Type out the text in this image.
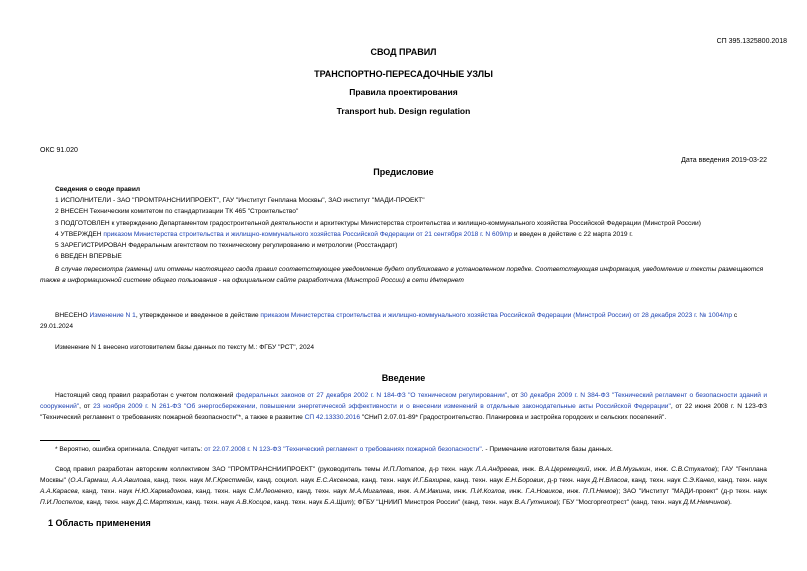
СП 395.1325800.2018
СВОД ПРАВИЛ
ТРАНСПОРТНО-ПЕРЕСАДОЧНЫЕ УЗЛЫ
Правила проектирования
Transport hub. Design regulation
ОКС 91.020
Дата введения 2019-03-22
Предисловие
Сведения о своде правил
1 ИСПОЛНИТЕЛИ - ЗАО "ПРОМТРАНСНИИПРОЕКТ", ГАУ "Институт Генплана Москвы", ЗАО институт "МАДИ-ПРОЕКТ"
2 ВНЕСЕН Техническим комитетом по стандартизации ТК 465 "Строительство"
3 ПОДГОТОВЛЕН к утверждению Департаментом градостроительной деятельности и архитектуры Министерства строительства и жилищно-коммунального хозяйства Российской Федерации (Минстрой России)
4 УТВЕРЖДЕН приказом Министерства строительства и жилищно-коммунального хозяйства Российской Федерации от 21 сентября 2018 г. N 609/пр и введен в действие с 22 марта 2019 г.
5 ЗАРЕГИСТРИРОВАН Федеральным агентством по техническому регулированию и метрологии (Росстандарт)
6 ВВЕДЕН ВПЕРВЫЕ
В случае пересмотра (замены) или отмены настоящего свода правил соответствующее уведомление будет опубликовано в установленном порядке. Соответствующая информация, уведомление и тексты размещаются также в информационной системе общего пользования - на официальном сайте разработчика (Минстрой России) в сети Интернет
ВНЕСЕНО Изменение N 1, утвержденное и введенное в действие приказом Министерства строительства и жилищно-коммунального хозяйства Российской Федерации (Минстрой России) от 28 декабря 2023 г. № 1004/пр с 29.01.2024
Изменение N 1 внесено изготовителем базы данных по тексту М.: ФГБУ "РСТ", 2024
Введение
Настоящий свод правил разработан с учетом положений федеральных законов от 27 декабря 2002 г. N 184-ФЗ "О техническом регулировании", от 30 декабря 2009 г. N 384-ФЗ "Технический регламент о безопасности зданий и сооружений", от 23 ноября 2009 г. N 261-ФЗ "Об энергосбережении, повышении энергетической эффективности и о внесении изменений в отдельные законодательные акты Российской Федерации", от 22 июня 2008 г. N 123-ФЗ "Технический регламент о требованиях пожарной безопасности"*, а также в развитие СП 42.13330.2016 "СНиП 2.07.01-89* Градостроительство. Планировка и застройка городских и сельских поселений".
* Вероятно, ошибка оригинала. Следует читать: от 22.07.2008 г. N 123-ФЗ "Технический регламент о требованиях пожарной безопасности". - Примечание изготовителя базы данных.
Свод правил разработан авторским коллективом ЗАО "ПРОМТРАНСНИИПРОЕКТ" (руководитель темы И.П.Потапов, д-р техн. наук Л.А.Андреева, инж. В.А.Церемецкий, инж. И.В.Музыкин, инж. С.В.Стукалов); ГАУ "Генплана Москвы" (О.А.Гармаш, А.А.Авилова, канд. техн. наук М.Г.Крестмейн, канд. социол. наук Е.С.Аксенова, канд. техн. наук И.Г.Бахирев, канд. техн. наук Е.Н.Боровик, д-р техн. наук Д.Н.Власов, канд. техн. наук С.Э.Канел, канд. техн. наук А.А.Карасев, канд. техн. наук Н.Ю.Хармадонова, канд. техн. наук С.М.Леоненко, канд. техн. наук М.А.Мигалева, инж. А.М.Ивкина, инж. П.И.Козлов, инж. Г.А.Новиков, инж. П.П.Немов); ЗАО "Институт "МАДИ-проект" (д-р техн. наук П.И.Поспелов, канд. техн. наук Д.С.Мартяхин, канд. техн. наук А.В.Косцов, канд. техн. наук Б.А.Щит); ФГБУ "ЦНИИП Минстроя России" (канд. техн. наук В.А.Гутников); ГБУ "Мосгоргеотрест" (канд. техн. наук Д.М.Немчинов).
1 Область применения
